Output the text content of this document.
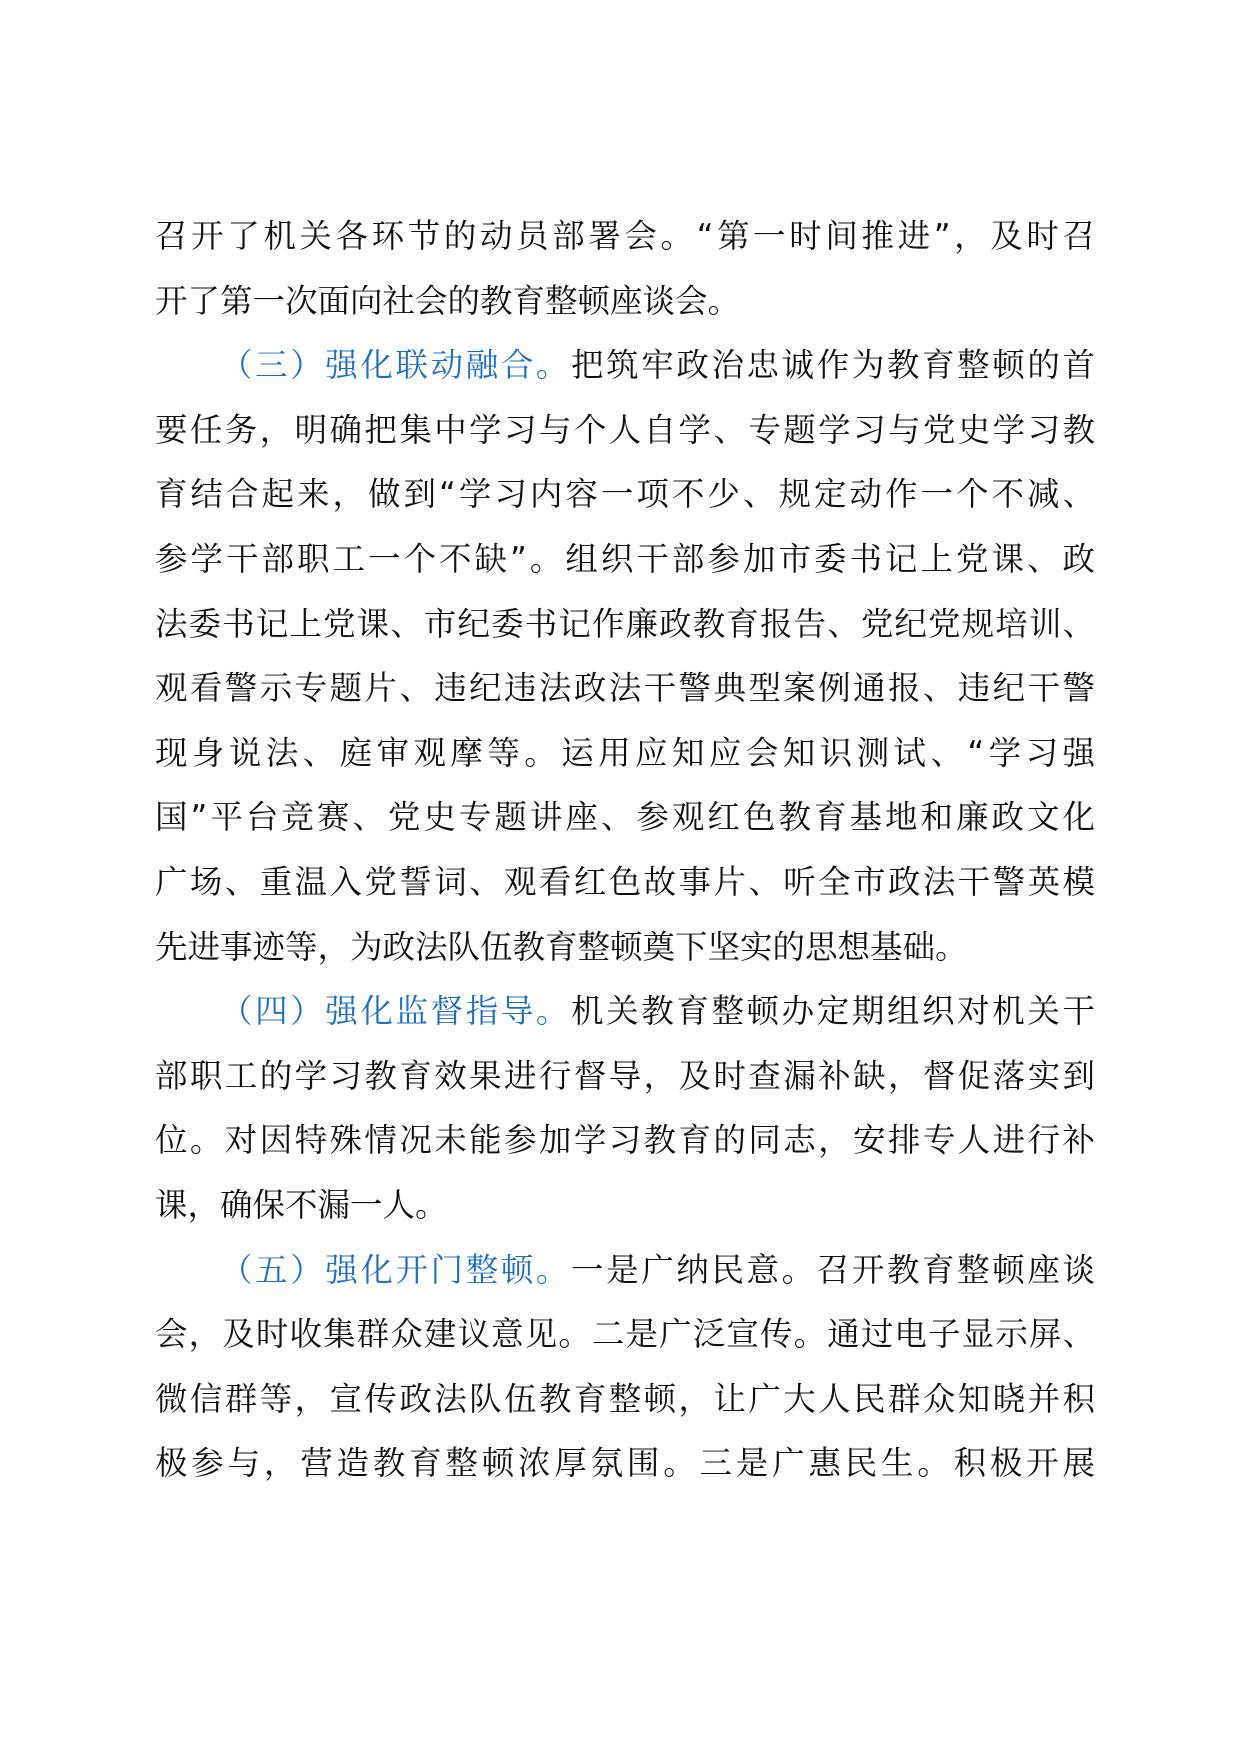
召开了机关各环节的动员部署会。“第一时间推进”，及时召
开了第一次面向社会的教育整顿座谈会。
（三）强化联动融合。把筑牢政治忠诚作为教育整顿的首
要任务，明确把集中学习与个人自学、专题学习与党史学习教
育结合起来，做到“学习内容一项不少、规定动作一个不减、
参学干部职工一个不缺”。组织干部参加市委书记上党课、政
法委书记上党课、市纪委书记作廉政教育报告、党纪党规培训、
观看警示专题片、违纪违法政法干警典型案例通报、违纪干警
现身说法、庭审观摩等。运用应知应会知识测试、“学习强
国”平台竞赛、党史专题讲座、参观红色教育基地和廉政文化
广场、重温入党誓词、观看红色故事片、听全市政法干警英模
先进事迹等，为政法队伍教育整顿奠下坚实的思想基础。
（四）强化监督指导。机关教育整顿办定期组织对机关干
部职工的学习教育效果进行督导，及时查漏补缺，督促落实到
位。对因特殊情况未能参加学习教育的同志，安排专人进行补
课，确保不漏一人。
（五）强化开门整顿。一是广纳民意。召开教育整顿座谈
会，及时收集群众建议意见。二是广泛宣传。通过电子显示屏、
微信群等，宣传政法队伍教育整顿，让广大人民群众知晓并积
极参与，营造教育整顿浓厚氛围。三是广惠民生。积极开展
